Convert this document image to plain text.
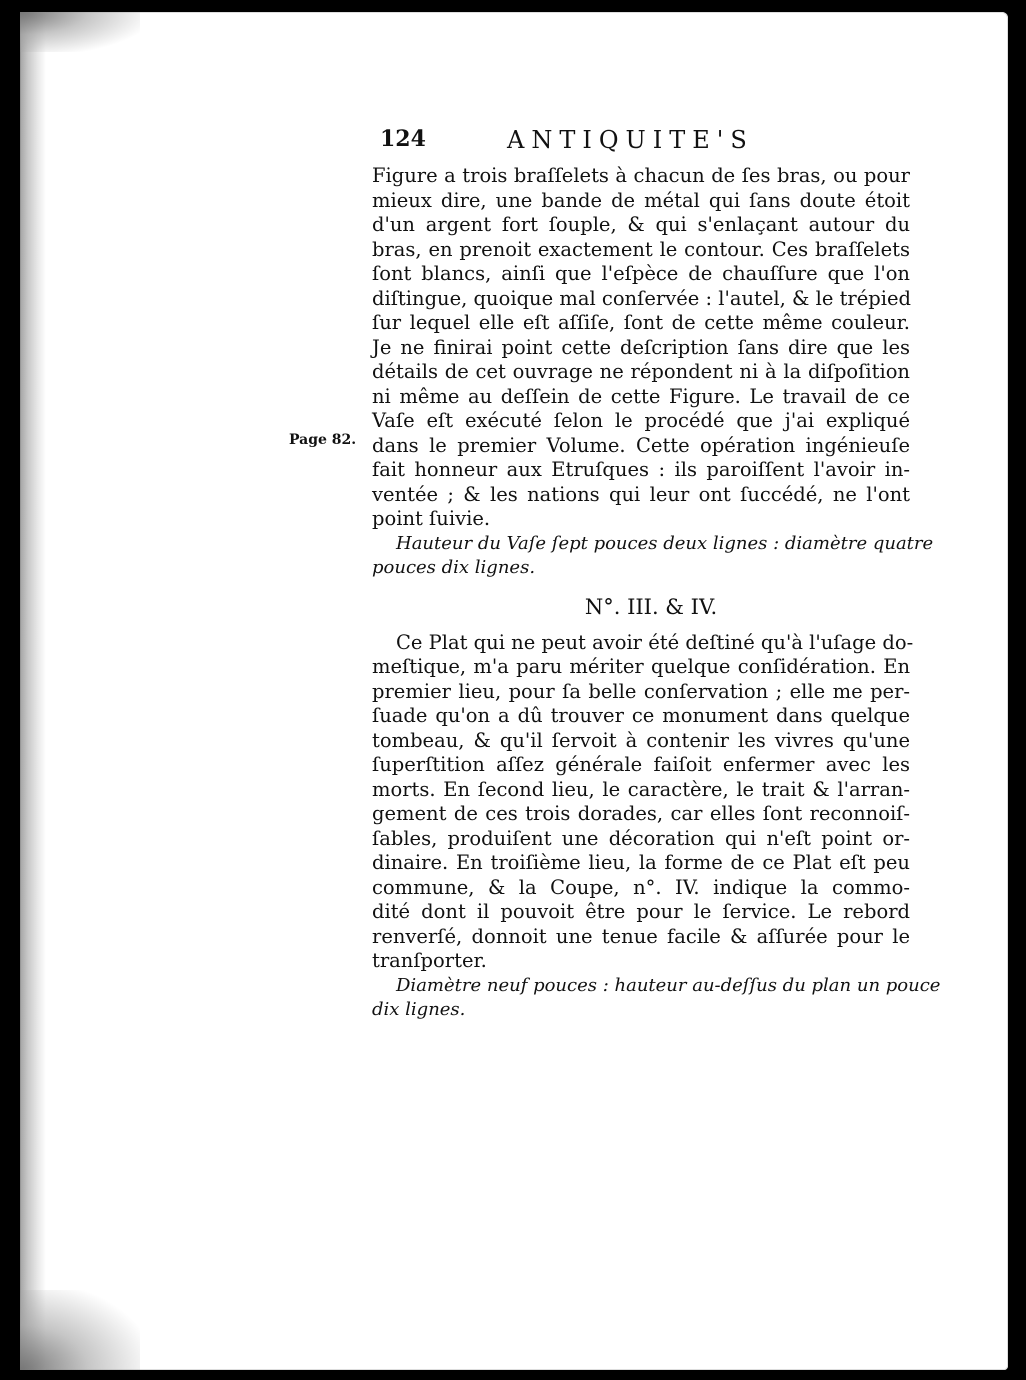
Page 82.
124	ANTIQUITE'S

Figure a trois braſſelets à chacun de ſes bras, ou pour
mieux dire, une bande de métal qui ſans doute étoit
d'un argent fort ſouple, & qui s'enlaçant autour du
bras, en prenoit exactement le contour. Ces braſſelets
ſont blancs, ainſi que l'eſpèce de chauſſure que l'on
diſtingue, quoique mal conſervée : l'autel, & le trépied
ſur lequel elle eſt aſſiſe, ſont de cette même couleur.
Je ne finirai point cette deſcription ſans dire que les
détails de cet ouvrage ne répondent ni à la diſpoſition
ni même au deſſein de cette Figure. Le travail de ce
Vaſe eſt exécuté ſelon le procédé que j'ai expliqué
dans le premier Volume. Cette opération ingénieuſe
fait honneur aux Etruſques : ils paroiſſent l'avoir in-
ventée ; & les nations qui leur ont ſuccédé, ne l'ont
point ſuivie.

Hauteur du Vaſe ſept pouces deux lignes : diamètre quatre
pouces dix lignes.

N°. III. & IV.

Ce Plat qui ne peut avoir été deſtiné qu'à l'uſage do-
meſtique, m'a paru mériter quelque conſidération. En
premier lieu, pour ſa belle conſervation ; elle me per-
ſuade qu'on a dû trouver ce monument dans quelque
tombeau, & qu'il ſervoit à contenir les vivres qu'une
ſuperſtition aſſez générale faiſoit enfermer avec les
morts. En ſecond lieu, le caractère, le trait & l'arran-
gement de ces trois dorades, car elles ſont reconnoiſ-
ſables, produiſent une décoration qui n'eſt point or-
dinaire. En troiſième lieu, la forme de ce Plat eſt peu
commune, & la Coupe, n°. IV. indique la commo-
dité dont il pouvoit être pour le ſervice. Le rebord
renverſé, donnoit une tenue facile & aſſurée pour le
tranſporter.

Diamètre neuf pouces : hauteur au-deſſus du plan un pouce
dix lignes.
